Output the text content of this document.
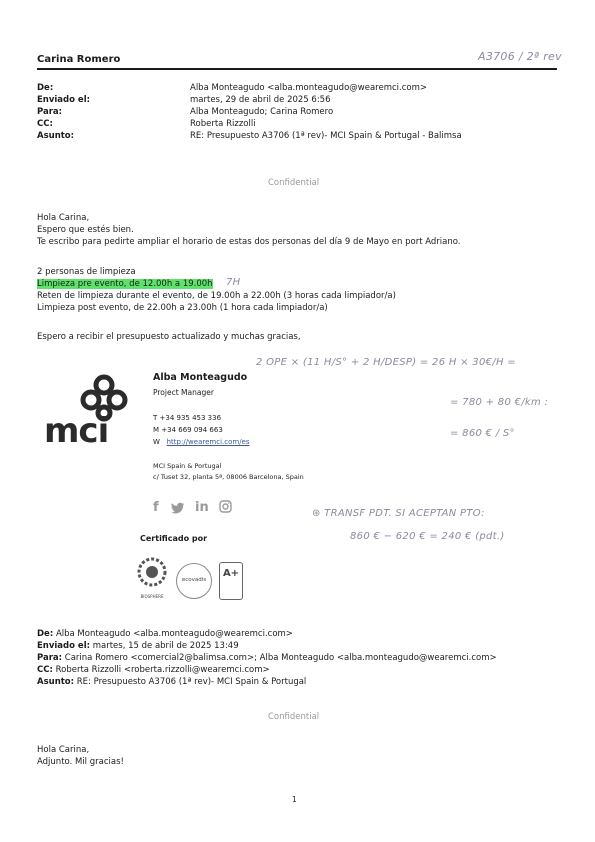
Carina Romero	A3706 / 2ª rev
De:	Alba Monteagudo <alba.monteagudo@wearemci.com>
Enviado el:	martes, 29 de abril de 2025 6:56
Para:	Alba Monteagudo; Carina Romero
CC:	Roberta Rizzolli
Asunto:	RE: Presupuesto A3706 (1ª rev)- MCI Spain & Portugal - Balimsa
Confidential
Hola Carina,
Espero que estés bien.
Te escribo para pedirte ampliar el horario de estas dos personas del día 9 de Mayo en port Adriano.
2 personas de limpieza
Limpieza pre evento, de 12.00h a 19.00h
Reten de limpieza durante el evento, de 19.00h a 22.00h (3 horas cada limpiador/a)
Limpieza post evento, de 22.00h a 23.00h (1 hora cada limpiador/a)
Espero a recibir el presupuesto actualizado y muchas gracias,
7H
2 OPE × (11 H/S° + 2 H/DESP) = 26 H × 30€/H =
= 780 + 80 €/km :
= 860 € / S°
⊛ TRANSF PDT. SI ACEPTAN PTO:
860 € − 620 € = 240 € (pdt.)
mci
Alba Monteagudo
Project Manager
T +34 935 453 336
M +34 669 094 663
W http://wearemci.com/es
MCI Spain & Portugal
c/ Tuset 32, planta 5ª, 08006 Barcelona, Spain
f	in
Certificado por
BIOSPHERE
ecovadis
A+
De: Alba Monteagudo <alba.monteagudo@wearemci.com>
Enviado el: martes, 15 de abril de 2025 13:49
Para: Carina Romero <comercial2@balimsa.com>; Alba Monteagudo <alba.monteagudo@wearemci.com>
CC: Roberta Rizzolli <roberta.rizzolli@wearemci.com>
Asunto: RE: Presupuesto A3706 (1ª rev)- MCI Spain & Portugal
Confidential
Hola Carina,
Adjunto. Mil gracias!
1
